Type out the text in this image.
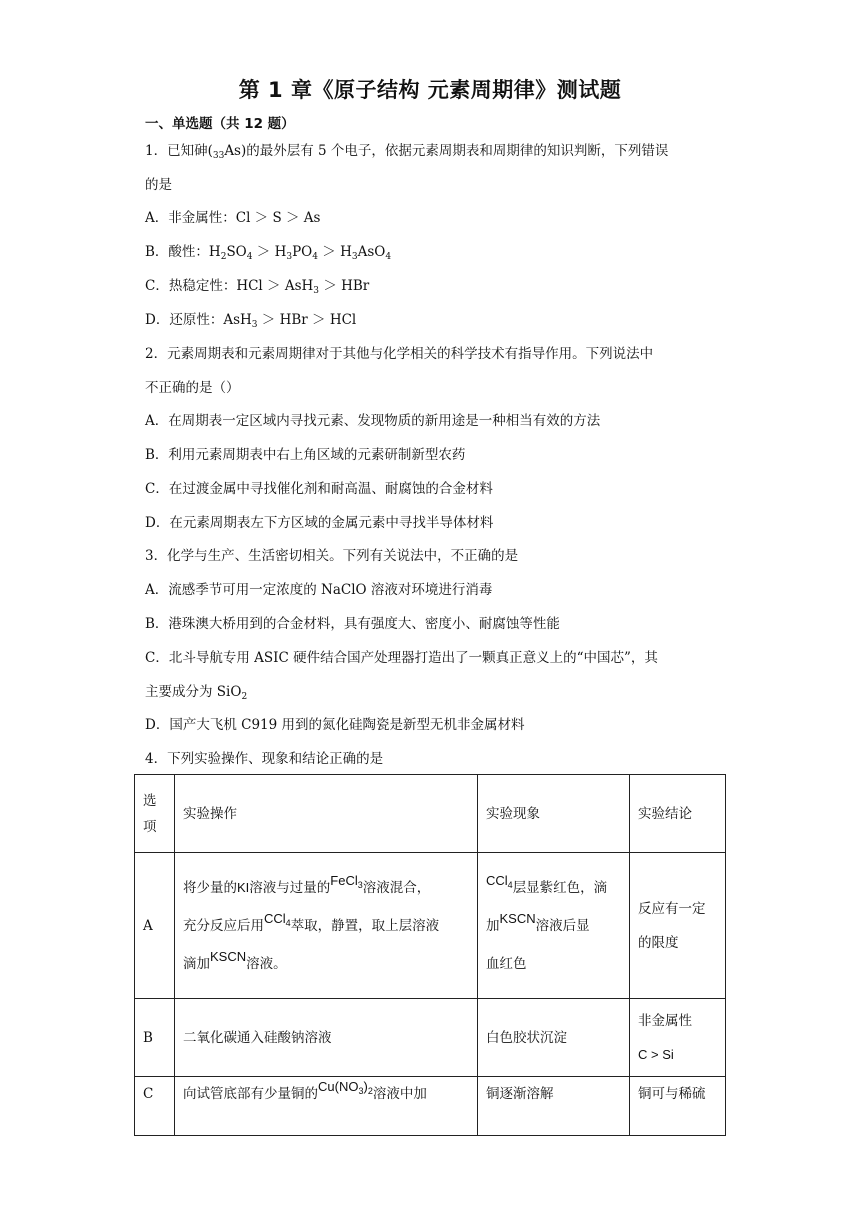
第 1 章《原子结构 元素周期律》测试题
一、单选题（共 12 题）
1．已知砷$(_{33}As)$的最外层有 5 个电子，依据元素周期表和周期律的知识判断，下列错误
的是
A．非金属性：Cl ＞ S ＞ As
B．酸性：$H_2SO_4 > H_3PO_4 > H_3AsO_4$
C．热稳定性：HCl ＞ AsH$_3$ ＞ HBr
D．还原性：AsH$_3$ ＞ HBr ＞ HCl
2．元素周期表和元素周期律对于其他与化学相关的科学技术有指导作用。下列说法中
不正确的是（）
A．在周期表一定区域内寻找元素、发现物质的新用途是一种相当有效的方法
B．利用元素周期表中右上角区域的元素研制新型农药
C．在过渡金属中寻找催化剂和耐高温、耐腐蚀的合金材料
D．在元素周期表左下方区域的金属元素中寻找半导体材料
3．化学与生产、生活密切相关。下列有关说法中，不正确的是
A．流感季节可用一定浓度的 NaClO 溶液对环境进行消毒
B．港珠澳大桥用到的合金材料，具有强度大、密度小、耐腐蚀等性能
C．北斗导航专用 ASIC 硬件结合国产处理器打造出了一颗真正意义上的“中国芯”，其
主要成分为 SiO$_2$
D．国产大飞机 C919 用到的氮化硅陶瓷是新型无机非金属材料
4．下列实验操作、现象和结论正确的是
选
项	实验操作	实验现象	实验结论
A	将少量的KI溶液与过量的FeCl$_3$溶液混合，
充分反应后用CCl$_4$萃取，静置，取上层溶液
滴加KSCN溶液。	CCl$_4$层显紫红色，滴
加KSCN溶液后显
血红色	反应有一定
的限度
B	二氧化碳通入硅酸钠溶液	白色胶状沉淀	非金属性
C > Si
C	向试管底部有少量铜的$Cu(NO_3)_2$溶液中加	铜逐渐溶解	铜可与稀硫
